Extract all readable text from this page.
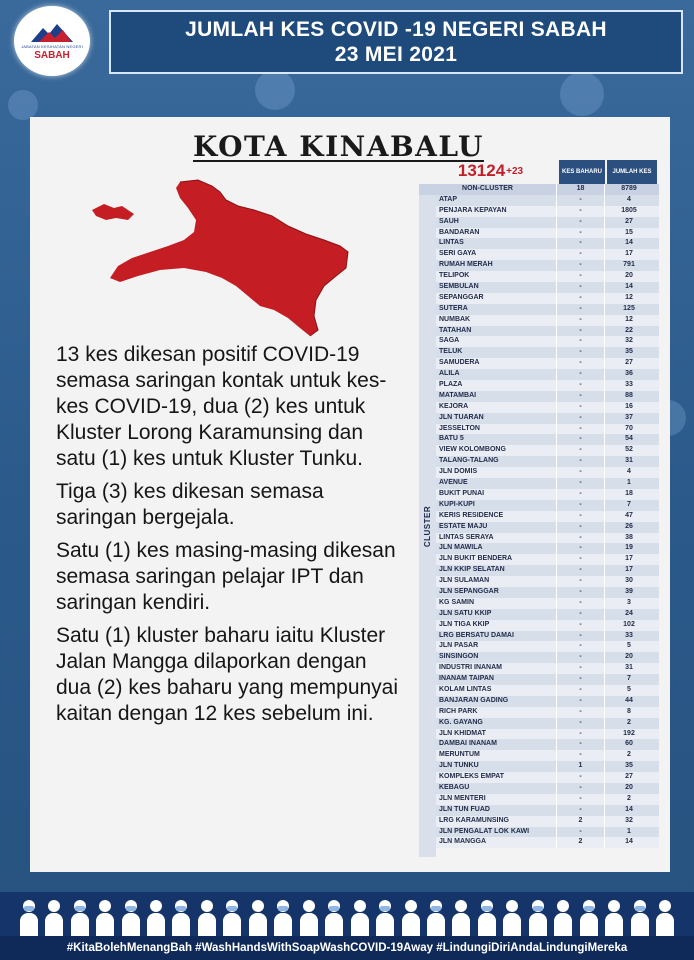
JABATAN KESIHATAN NEGERI
SABAH
JUMLAH KES COVID -19 NEGERI SABAH
23 MEI 2021
KOTA KINABALU

13 kes dikesan positif COVID-19 semasa saringan kontak untuk kes-kes COVID-19, dua (2) kes untuk Kluster Lorong Karamunsing dan satu (1) kes untuk Kluster Tunku.

Tiga (3) kes dikesan semasa saringan bergejala.

Satu (1) kes masing-masing dikesan semasa saringan pelajar IPT dan saringan kendiri.

Satu (1) kluster baharu iaitu Kluster Jalan Mangga dilaporkan dengan dua (2) kes baharu yang mempunyai kaitan dengan 12 kes sebelum ini.

13124 +23	KES BAHARU	JUMLAH KES
NON-CLUSTER	18	8789
ATAP	-	4
PENJARA KEPAYAN	-	1805
SAUH	-	27
BANDARAN	-	15
LINTAS	-	14
SERI GAYA	-	17
RUMAH MERAH	-	791
TELIPOK	-	20
SEMBULAN	-	14
SEPANGGAR	-	12
SUTERA	-	125
NUMBAK	-	12
TATAHAN	-	22
SAGA	-	32
TELUK	-	35
SAMUDERA	-	27
ALILA	-	36
PLAZA	-	33
MATAMBAI	-	88
KEJORA	-	16
JLN TUARAN	-	37
JESSELTON	-	70
BATU 5	-	54
VIEW KOLOMBONG	-	52
TALANG-TALANG	-	31
JLN DOMIS	-	4
AVENUE	-	1
BUKIT PUNAI	-	18
KUPI-KUPI	-	7
KERIS RESIDENCE	-	47
ESTATE MAJU	-	26
LINTAS SERAYA	-	38
JLN MAWILA	-	19
JLN BUKIT BENDERA	-	17
JLN KKIP SELATAN	-	17
JLN SULAMAN	-	30
JLN SEPANGGAR	-	39
KG SAMIN	-	3
JLN SATU KKIP	-	24
JLN TIGA KKIP	-	102
LRG BERSATU DAMAI	-	33
JLN PASAR	-	5
SINSINGON	-	20
INDUSTRI INANAM	-	31
INANAM TAIPAN	-	7
KOLAM LINTAS	-	5
BANJARAN GADING	-	44
RICH PARK	-	8
KG. GAYANG	-	2
JLN KHIDMAT	-	192
DAMBAI INANAM	-	60
MERUNTUM	-	2
JLN TUNKU	1	35
KOMPLEKS EMPAT	-	27
KEBAGU	-	20
JLN MENTERI	-	2
JLN TUN FUAD	-	14
LRG KARAMUNSING	2	32
JLN PENGALAT LOK KAWI	-	1
JLN MANGGA	2	14
CLUSTER
#KitaBolehMenangBah #WashHandsWithSoapWashCOVID-19Away #LindungiDiriAndaLindungiMereka
